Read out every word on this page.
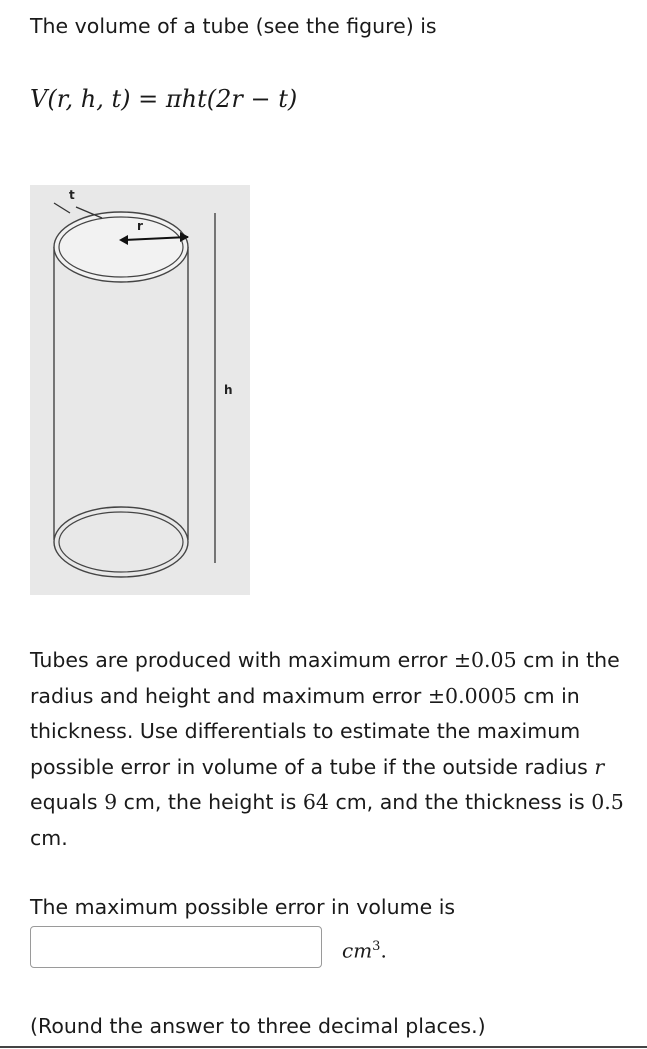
The volume of a tube (see the figure) is
V(r, h, t) = πht(2r − t)
t
r
h
Tubes are produced with maximum error ±0.05 cm in the radius and height and maximum error ±0.0005 cm in thickness. Use differentials to estimate the maximum possible error in volume of a tube if the outside radius r equals 9 cm, the height is 64 cm, and the thickness is 0.5 cm.
The maximum possible error in volume is
$cm^3$.
(Round the answer to three decimal places.)
